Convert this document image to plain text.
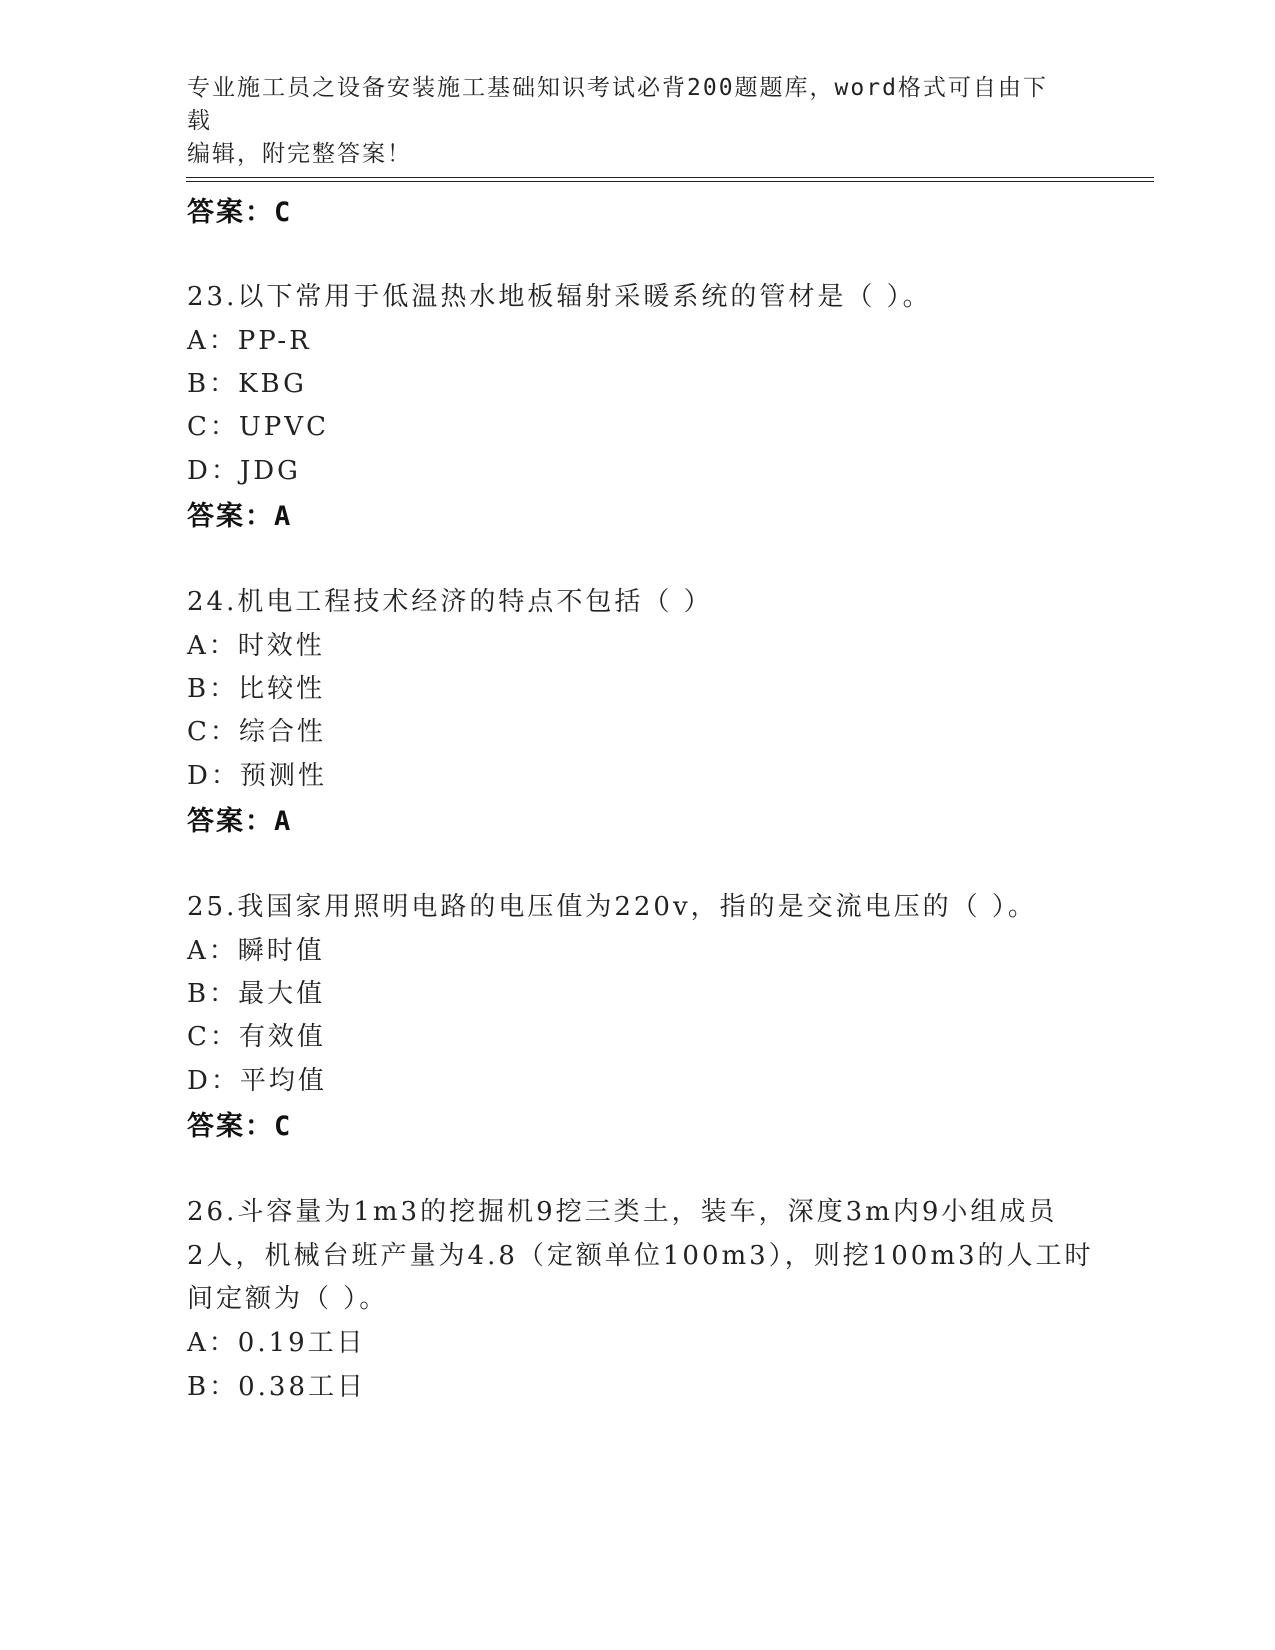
专业施工员之设备安装施工基础知识考试必背200题题库，word格式可自由下载
编辑，附完整答案！
答案：C
23.以下常用于低温热水地板辐射采暖系统的管材是（ ）。
A：PP-R
B：KBG
C：UPVC
D：JDG
答案：A
24.机电工程技术经济的特点不包括（ ）
A：时效性
B：比较性
C：综合性
D：预测性
答案：A
25.我国家用照明电路的电压值为220v，指的是交流电压的（ ）。
A：瞬时值
B：最大值
C：有效值
D：平均值
答案：C
26.斗容量为1m3的挖掘机9挖三类土，装车，深度3m内9小组成员
2人，机械台班产量为4.8（定额单位100m3），则挖100m3的人工时
间定额为（ ）。
A：0.19工日
B：0.38工日
